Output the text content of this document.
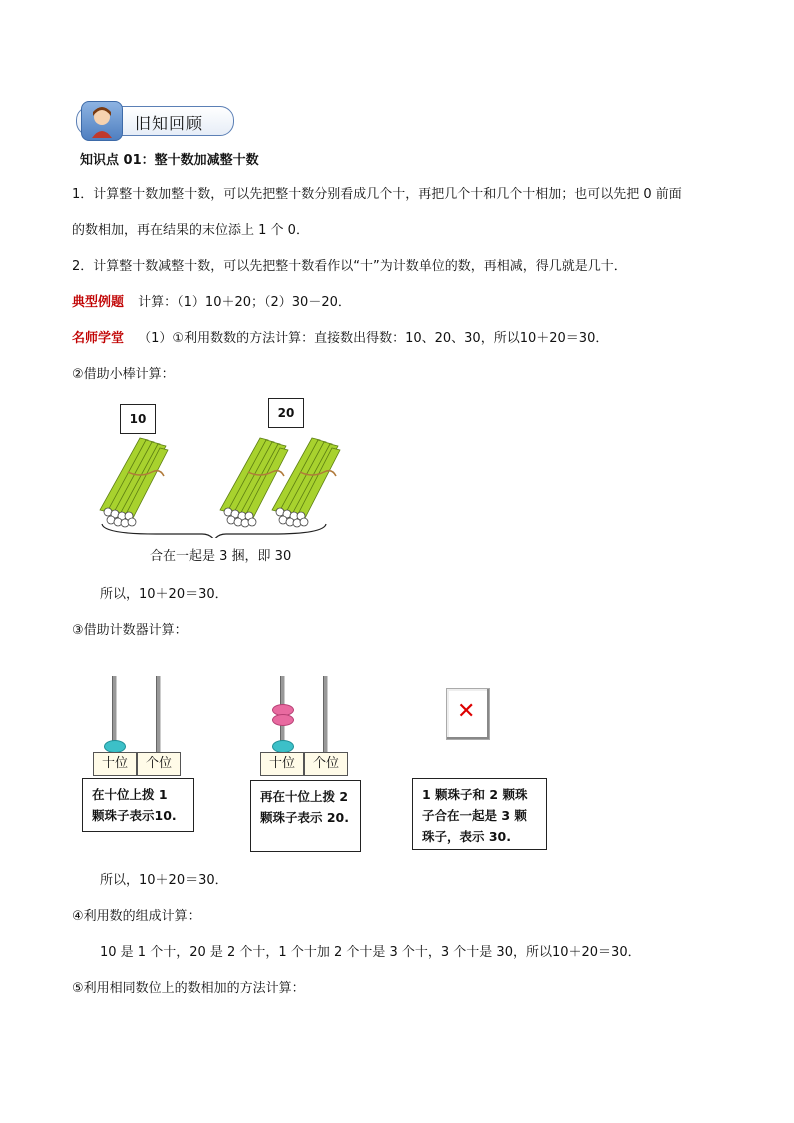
旧知回顾
知识点 01：整十数加减整十数
1．计算整十数加整十数，可以先把整十数分别看成几个十，再把几个十和几个十相加；也可以先把 0 前面
的数相加，再在结果的末位添上 1 个 0．
2．计算整十数减整十数，可以先把整十数看作以“十”为计数单位的数，再相减，得几就是几十．
典型例题 计算：（1）10＋20；（2）30－20．
名师学堂 （1）①利用数数的方法计算：直接数出得数：10、20、30，所以10＋20＝30．
②借助小棒计算：
10	20
合在一起是 3 捆，即 30
所以，10＋20＝30．
③借助计数器计算：
十位	个位
在十位上拨 1 颗珠子表示10.
十位	个位
再在十位上拨 2 颗珠子表示 20.
✕
1 颗珠子和 2 颗珠子合在一起是 3 颗珠子，表示 30.
所以，10＋20＝30．
④利用数的组成计算：
10 是 1 个十，20 是 2 个十，1 个十加 2 个十是 3 个十，3 个十是 30，所以10＋20＝30．
⑤利用相同数位上的数相加的方法计算：
